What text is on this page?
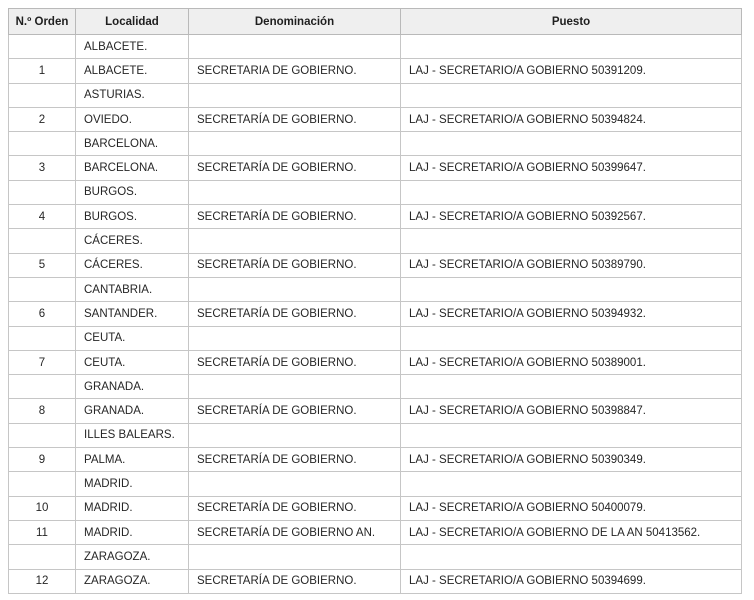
N.º Orden	Localidad	Denominación	Puesto
	ALBACETE.		
1	ALBACETE.	SECRETARIA DE GOBIERNO.	LAJ - SECRETARIO/A GOBIERNO 50391209.
	ASTURIAS.		
2	OVIEDO.	SECRETARÍA DE GOBIERNO.	LAJ - SECRETARIO/A GOBIERNO 50394824.
	BARCELONA.		
3	BARCELONA.	SECRETARÍA DE GOBIERNO.	LAJ - SECRETARIO/A GOBIERNO 50399647.
	BURGOS.		
4	BURGOS.	SECRETARÍA DE GOBIERNO.	LAJ - SECRETARIO/A GOBIERNO 50392567.
	CÁCERES.		
5	CÁCERES.	SECRETARÍA DE GOBIERNO.	LAJ - SECRETARIO/A GOBIERNO 50389790.
	CANTABRIA.		
6	SANTANDER.	SECRETARÍA DE GOBIERNO.	LAJ - SECRETARIO/A GOBIERNO 50394932.
	CEUTA.		
7	CEUTA.	SECRETARÍA DE GOBIERNO.	LAJ - SECRETARIO/A GOBIERNO 50389001.
	GRANADA.		
8	GRANADA.	SECRETARÍA DE GOBIERNO.	LAJ - SECRETARIO/A GOBIERNO 50398847.
	ILLES BALEARS.		
9	PALMA.	SECRETARÍA DE GOBIERNO.	LAJ - SECRETARIO/A GOBIERNO 50390349.
	MADRID.		
10	MADRID.	SECRETARÍA DE GOBIERNO.	LAJ - SECRETARIO/A GOBIERNO 50400079.
11	MADRID.	SECRETARÍA DE GOBIERNO AN.	LAJ - SECRETARIO/A GOBIERNO DE LA AN 50413562.
	ZARAGOZA.		
12	ZARAGOZA.	SECRETARÍA DE GOBIERNO.	LAJ - SECRETARIO/A GOBIERNO 50394699.
